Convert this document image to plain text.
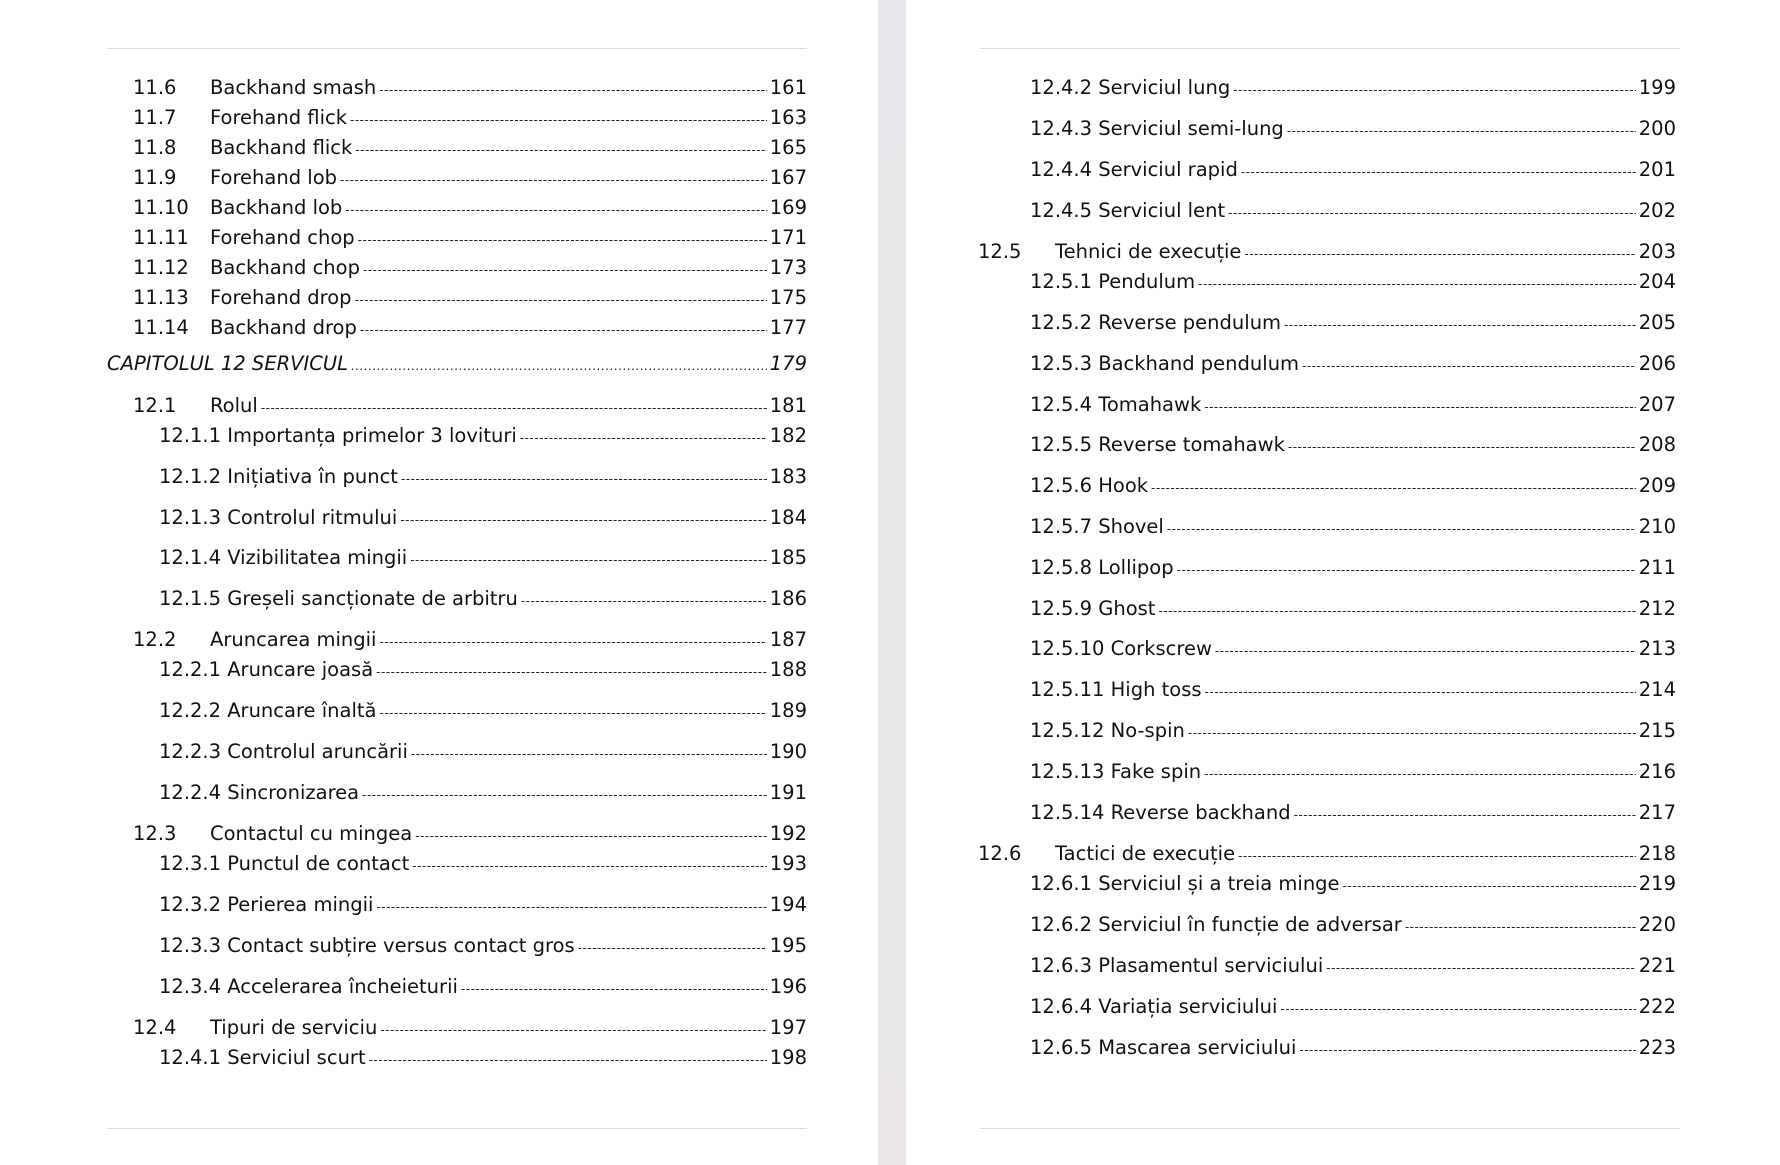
11.6	Backhand smash -----	161
11.7	Forehand flick -----	163
11.8	Backhand flick -----	165
11.9	Forehand lob -----	167
11.10	Backhand lob -----	169
11.11	Forehand chop -----	171
11.12	Backhand chop -----	173
11.13	Forehand drop -----	175
11.14	Backhand drop -----	177
CAPITOLUL 12 SERVICUL .....	179
12.1	Rolul -----	181
12.1.1 Importanța primelor 3 lovituri -----	182
12.1.2 Inițiativa în punct -----	183
12.1.3 Controlul ritmului -----	184
12.1.4 Vizibilitatea mingii -----	185
12.1.5 Greșeli sancționate de arbitru -----	186
12.2	Aruncarea mingii -----	187
12.2.1 Aruncare joasă -----	188
12.2.2 Aruncare înaltă -----	189
12.2.3 Controlul aruncării -----	190
12.2.4 Sincronizarea -----	191
12.3	Contactul cu mingea -----	192
12.3.1 Punctul de contact -----	193
12.3.2 Perierea mingii -----	194
12.3.3 Contact subțire versus contact gros -----	195
12.3.4 Accelerarea încheieturii -----	196
12.4	Tipuri de serviciu -----	197
12.4.1 Serviciul scurt -----	198
12.4.2 Serviciul lung -----	199
12.4.3 Serviciul semi-lung -----	200
12.4.4 Serviciul rapid -----	201
12.4.5 Serviciul lent -----	202
12.5	Tehnici de execuție -----	203
12.5.1 Pendulum -----	204
12.5.2 Reverse pendulum -----	205
12.5.3 Backhand pendulum -----	206
12.5.4 Tomahawk -----	207
12.5.5 Reverse tomahawk -----	208
12.5.6 Hook -----	209
12.5.7 Shovel -----	210
12.5.8 Lollipop -----	211
12.5.9 Ghost -----	212
12.5.10 Corkscrew -----	213
12.5.11 High toss -----	214
12.5.12 No-spin -----	215
12.5.13 Fake spin -----	216
12.5.14 Reverse backhand -----	217
12.6	Tactici de execuție -----	218
12.6.1 Serviciul și a treia minge -----	219
12.6.2 Serviciul în funcție de adversar -----	220
12.6.3 Plasamentul serviciului -----	221
12.6.4 Variația serviciului -----	222
12.6.5 Mascarea serviciului -----	223
